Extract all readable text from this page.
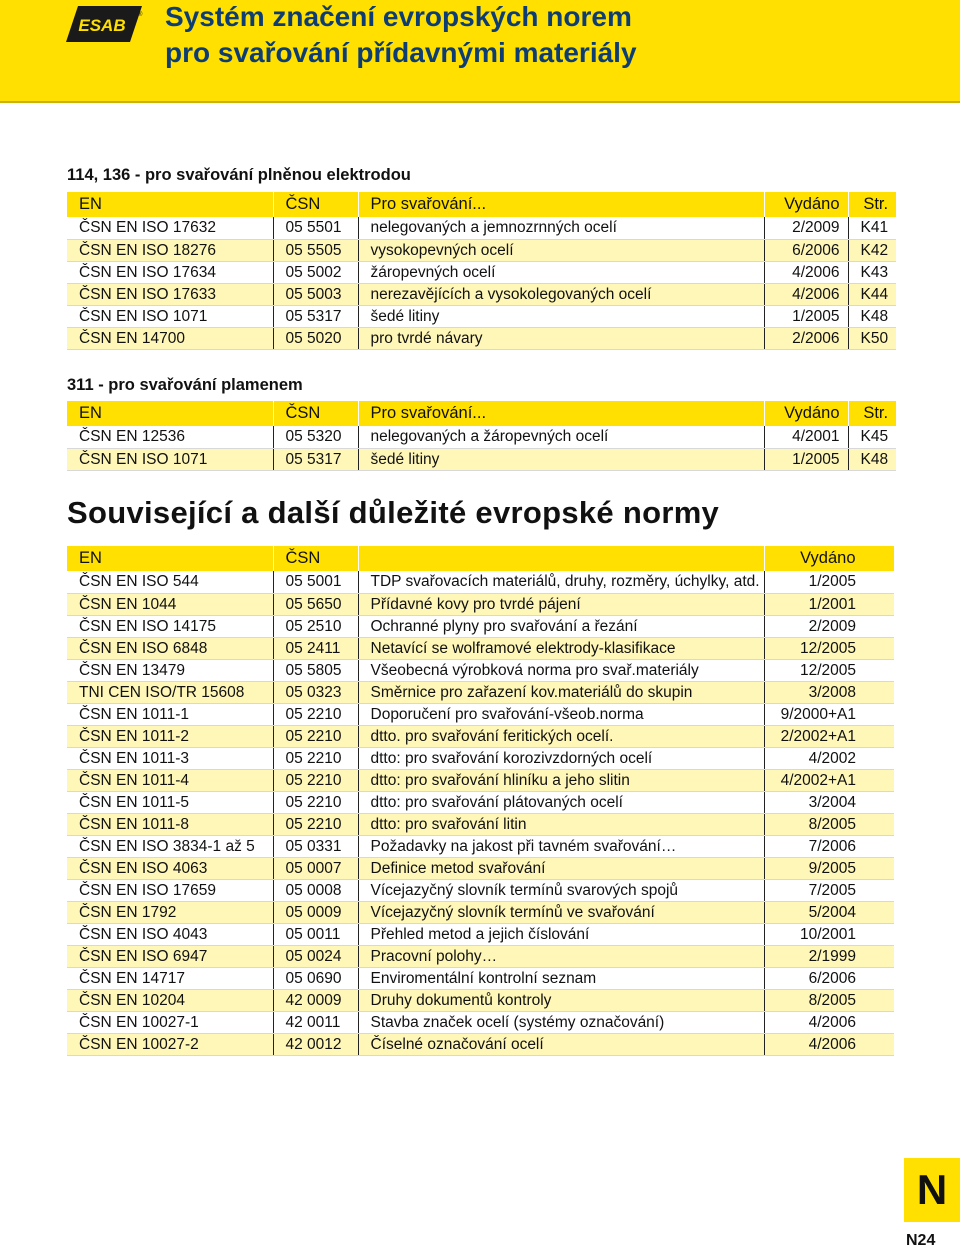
ESAB
® Systém značení evropských norem
pro svařování přídavnými materiály
114, 136 - pro svařování plněnou elektrodou
EN	ČSN	Pro svařování...	Vydáno	Str.
ČSN EN ISO 17632	05 5501	nelegovaných a jemnozrnných ocelí	2/2009	K41
ČSN EN ISO 18276	05 5505	vysokopevných ocelí	6/2006	K42
ČSN EN ISO 17634	05 5002	žáropevných ocelí	4/2006	K43
ČSN EN ISO 17633	05 5003	nerezavějících a vysokolegovaných ocelí	4/2006	K44
ČSN EN ISO 1071	05 5317	šedé litiny	1/2005	K48
ČSN EN 14700	05 5020	pro tvrdé návary	2/2006	K50
311 - pro svařování plamenem
EN	ČSN	Pro svařování...	Vydáno	Str.
ČSN EN 12536	05 5320	nelegovaných a žáropevných ocelí	4/2001	K45
ČSN EN ISO 1071	05 5317	šedé litiny	1/2005	K48
Související a další důležité evropské normy
EN	ČSN		Vydáno
ČSN EN ISO 544	05 5001	TDP svařovacích materiálů, druhy, rozměry, úchylky, atd.	1/2005
ČSN EN 1044	05 5650	Přídavné kovy pro tvrdé pájení	1/2001
ČSN EN ISO 14175	05 2510	Ochranné plyny pro svařování a řezání	2/2009
ČSN EN ISO 6848	05 2411	Netavící se wolframové elektrody-klasifikace	12/2005
ČSN EN 13479	05 5805	Všeobecná výrobková norma pro svař.materiály	12/2005
TNI CEN ISO/TR 15608	05 0323	Směrnice pro zařazení kov.materiálů do skupin	3/2008
ČSN EN 1011-1	05 2210	Doporučení pro svařování-všeob.norma	9/2000+A1
ČSN EN 1011-2	05 2210	dtto. pro svařování feritických ocelí.	2/2002+A1
ČSN EN 1011-3	05 2210	dtto: pro svařování korozivzdorných ocelí	4/2002
ČSN EN 1011-4	05 2210	dtto: pro svařování hliníku a jeho slitin	4/2002+A1
ČSN EN 1011-5	05 2210	dtto: pro svařování plátovaných ocelí	3/2004
ČSN EN 1011-8	05 2210	dtto: pro svařování litin	8/2005
ČSN EN ISO 3834-1 až 5	05 0331	Požadavky na jakost při tavném svařování…	7/2006
ČSN EN ISO 4063	05 0007	Definice metod svařování	9/2005
ČSN EN ISO 17659	05 0008	Vícejazyčný slovník termínů svarových spojů	7/2005
ČSN EN 1792	05 0009	Vícejazyčný slovník termínů ve svařování	5/2004
ČSN EN ISO 4043	05 0011	Přehled metod a jejich číslování	10/2001
ČSN EN ISO 6947	05 0024	Pracovní polohy…	2/1999
ČSN EN 14717	05 0690	Enviromentální kontrolní seznam	6/2006
ČSN EN 10204	42 0009	Druhy dokumentů kontroly	8/2005
ČSN EN 10027-1	42 0011	Stavba značek ocelí (systémy označování)	4/2006
ČSN EN 10027-2	42 0012	Číselné označování ocelí	4/2006
N
N24
